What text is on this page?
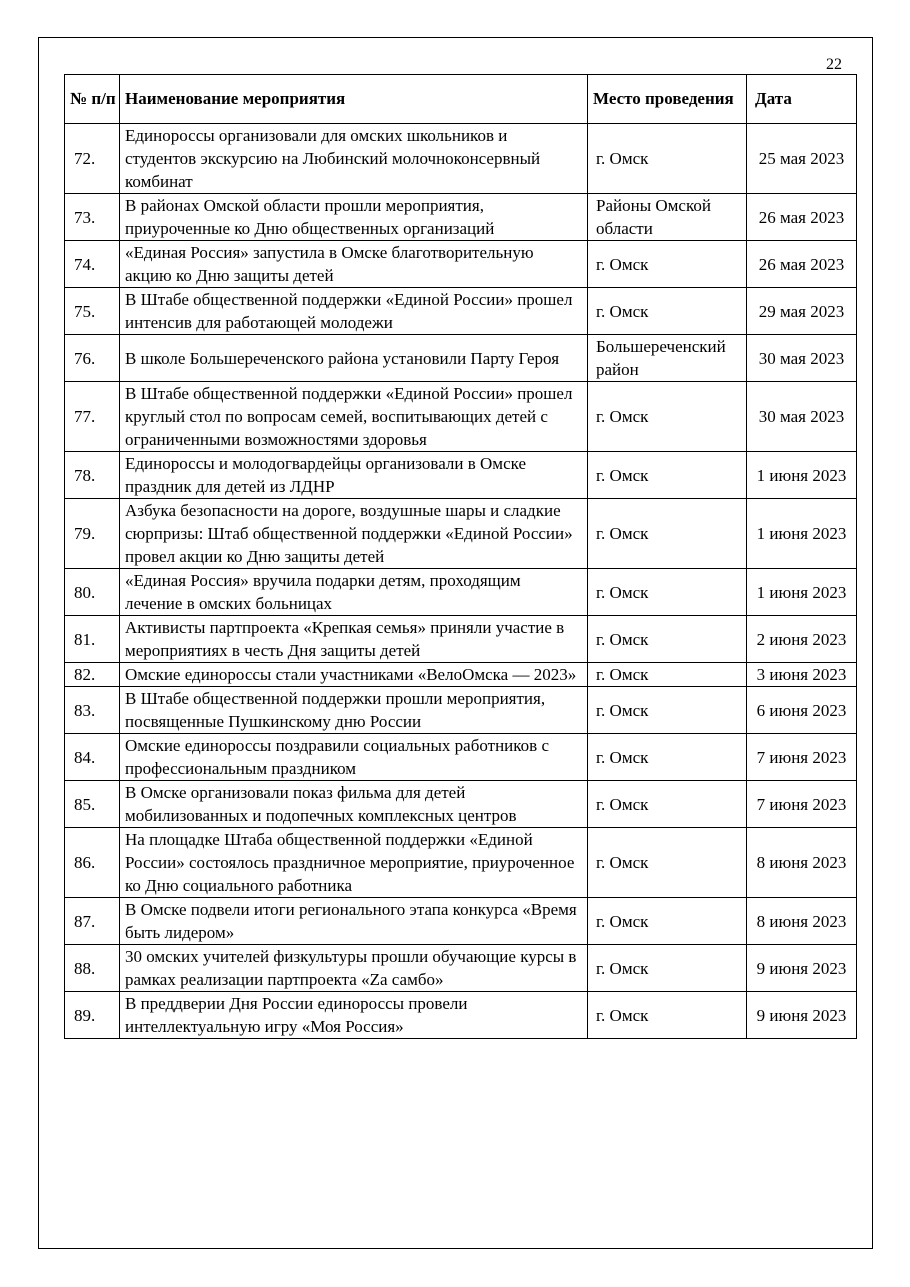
22
№ п/п	Наименование мероприятия	Место проведения	Дата
72.	Единороссы организовали для омских школьников и студентов экскурсию на Любинский молочноконсервный комбинат	г. Омск	25 мая 2023
73.	В районах Омской области прошли мероприятия, приуроченные ко Дню общественных организаций	Районы Омской области	26 мая 2023
74.	«Единая Россия» запустила в Омске благотворительную акцию ко Дню защиты детей	г. Омск	26 мая 2023
75.	В Штабе общественной поддержки «Единой России» прошел интенсив для работающей молодежи	г. Омск	29 мая 2023
76.	В школе Большереченского района установили Парту Героя	Большереченский район	30 мая 2023
77.	В Штабе общественной поддержки «Единой России» прошел круглый стол по вопросам семей, воспитывающих детей с ограниченными возможностями здоровья	г. Омск	30 мая 2023
78.	Единороссы и молодогвардейцы организовали в Омске праздник для детей из ЛДНР	г. Омск	1 июня 2023
79.	Азбука безопасности на дороге, воздушные шары и сладкие сюрпризы: Штаб общественной поддержки «Единой России» провел акции ко Дню защиты детей	г. Омск	1 июня 2023
80.	«Единая Россия» вручила подарки детям, проходящим лечение в омских больницах	г. Омск	1 июня 2023
81.	Активисты партпроекта «Крепкая семья» приняли участие в мероприятиях в честь Дня защиты детей	г. Омск	2 июня 2023
82.	Омские единороссы стали участниками «ВелоОмска — 2023»	г. Омск	3 июня 2023
83.	В Штабе общественной поддержки прошли мероприятия, посвященные Пушкинскому дню России	г. Омск	6 июня 2023
84.	Омские единороссы поздравили социальных работников с профессиональным праздником	г. Омск	7 июня 2023
85.	В Омске организовали показ фильма для детей мобилизованных и подопечных комплексных центров	г. Омск	7 июня 2023
86.	На площадке Штаба общественной поддержки «Единой России» состоялось праздничное мероприятие, приуроченное ко Дню социального работника	г. Омск	8 июня 2023
87.	В Омске подвели итоги регионального этапа конкурса «Время быть лидером»	г. Омск	8 июня 2023
88.	30 омских учителей физкультуры прошли обучающие курсы в рамках реализации партпроекта «Zа самбо»	г. Омск	9 июня 2023
89.	В преддверии Дня России единороссы провели интеллектуальную игру «Моя Россия»	г. Омск	9 июня 2023
